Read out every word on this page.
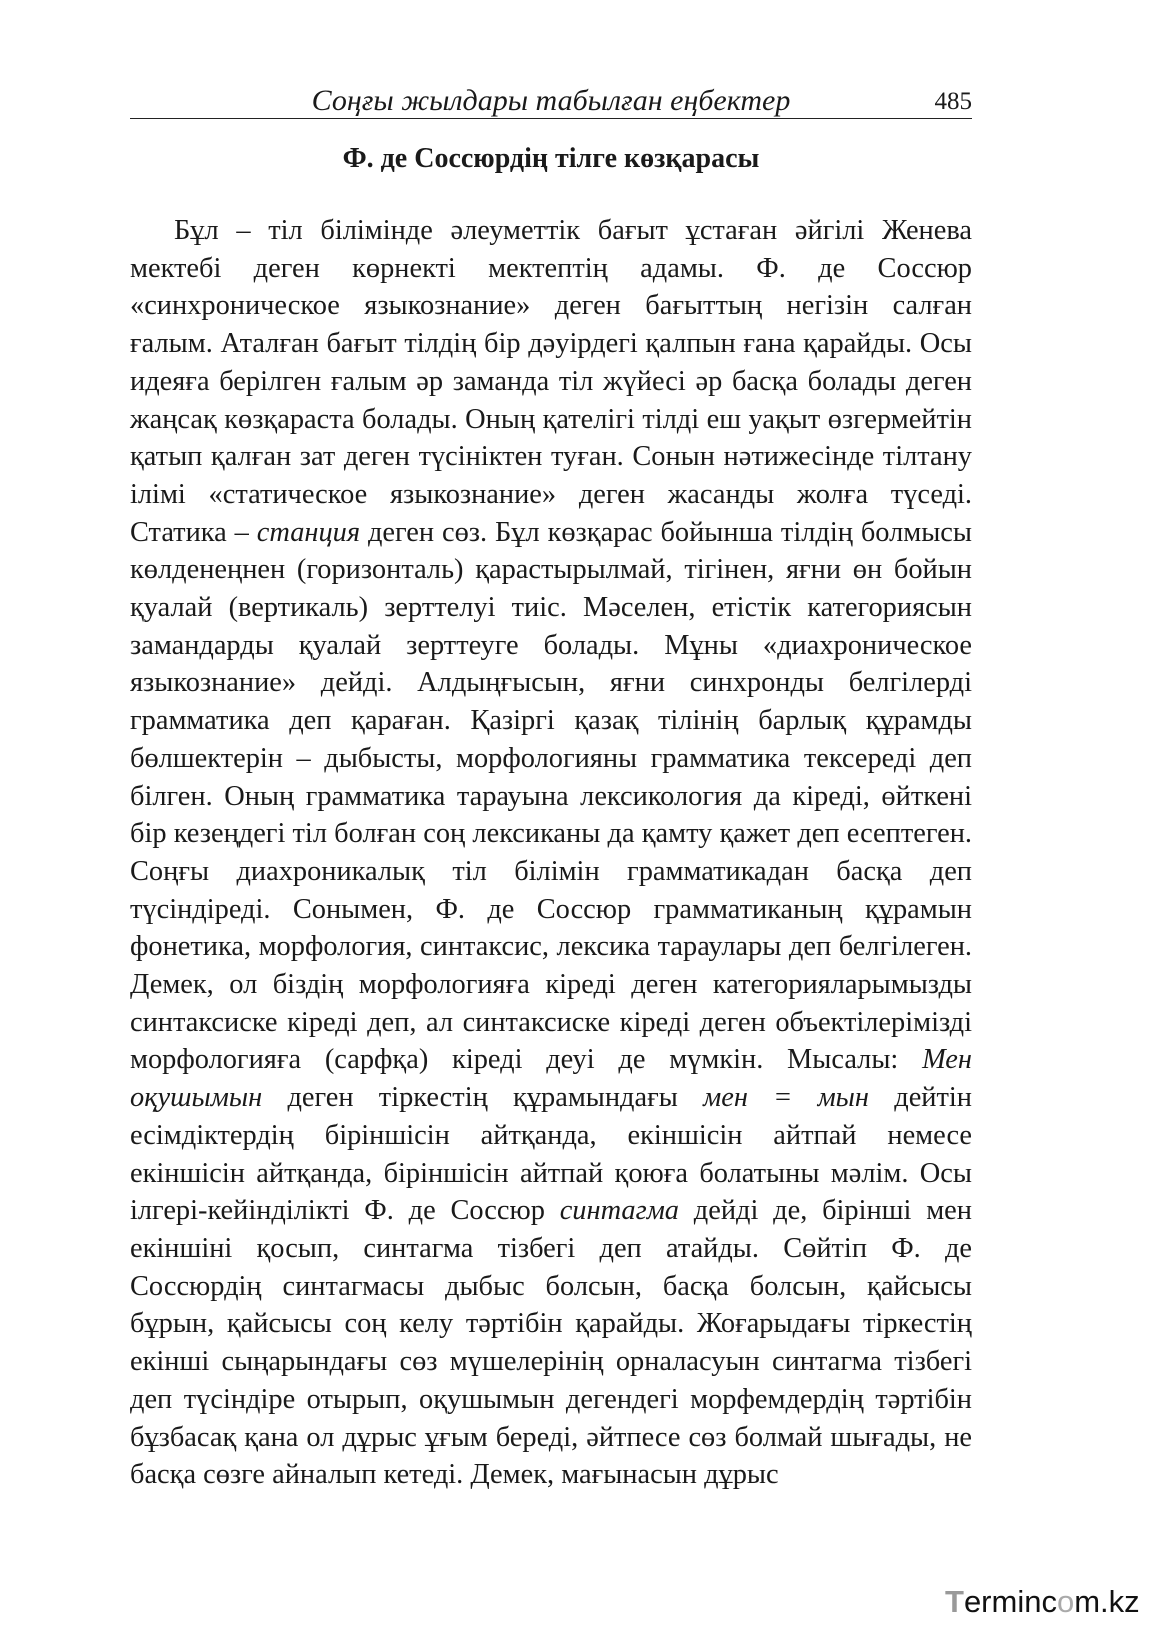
Соңғы жылдары табылған еңбектер	485
Ф. де Соссюрдің тілге көзқарасы

Бұл – тіл білімінде әлеуметтік бағыт ұстаған әйгілі Женева мектебі деген көрнекті мектептің адамы. Ф. де Соссюр «синхроническое языкознание» деген бағыттың негізін салған ғалым. Аталған бағыт тілдің бір дәуірдегі қалпын ғана қарайды. Осы идеяға берілген ғалым әр заманда тіл жүйесі әр басқа болады деген жаңсақ көзқараста болады. Оның қателігі тілді еш уақыт өзгермейтін қатып қалған зат деген түсініктен туған. Сонын нәтижесінде тілтану ілімі «статическое языкознание» деген жасанды жолға түседі. Статика – станция деген сөз. Бұл көзқарас бойынша тілдің болмысы көлденеңнен (горизонталь) қарастырылмай, тігінен, яғни өн бойын қуалай (вертикаль) зерттелуі тиіс. Мәселен, етістік категориясын замандарды қуалай зерттеуге болады. Мұны «диахроническое языкознание» дейді. Алдыңғысын, яғни синхронды белгілерді грамматика деп қараған. Қазіргі қазақ тілінің барлық құрамды бөлшектерін – дыбысты, морфологияны грамматика тексереді деп білген. Оның грамматика тарауына лексикология да кіреді, өйткені бір кезеңдегі тіл болған соң лексиканы да қамту қажет деп есептеген. Соңғы диахроникалық тіл білімін грамматикадан басқа деп түсіндіреді. Сонымен, Ф. де Соссюр грамматиканың құрамын фонетика, морфология, синтаксис, лексика тараулары деп белгілеген. Демек, ол біздің морфологияға кіреді деген категорияларымызды синтаксиске кіреді деп, ал синтаксиске кіреді деген объектілерімізді морфологияға (сарфқа) кіреді деуі де мүмкін. Мысалы: Мен оқушымын деген тіркестің құрамындағы мен = мын дейтін есімдіктердің біріншісін айтқанда, екіншісін айтпай немесе екіншісін айтқанда, біріншісін айтпай қоюға болатыны мәлім. Осы ілгері-кейінділікті Ф. де Соссюр синтагма дейді де, бірінші мен екіншіні қосып, синтагма тізбегі деп атайды. Сөйтіп Ф. де Соссюрдің синтагмасы дыбыс болсын, басқа болсын, қайсысы бұрын, қайсысы соң келу тәртібін қарайды. Жоғарыдағы тіркестің екінші сыңарындағы сөз мүшелерінің орналасуын синтагма тізбегі деп түсіндіре отырып, оқушымын дегендегі морфемдердің тәртібін бұзбасақ қана ол дұрыс ұғым береді, әйтпесе сөз болмай шығады, не басқа сөзге айналып кетеді. Демек, мағынасын дұрыс

Termincom.kz
